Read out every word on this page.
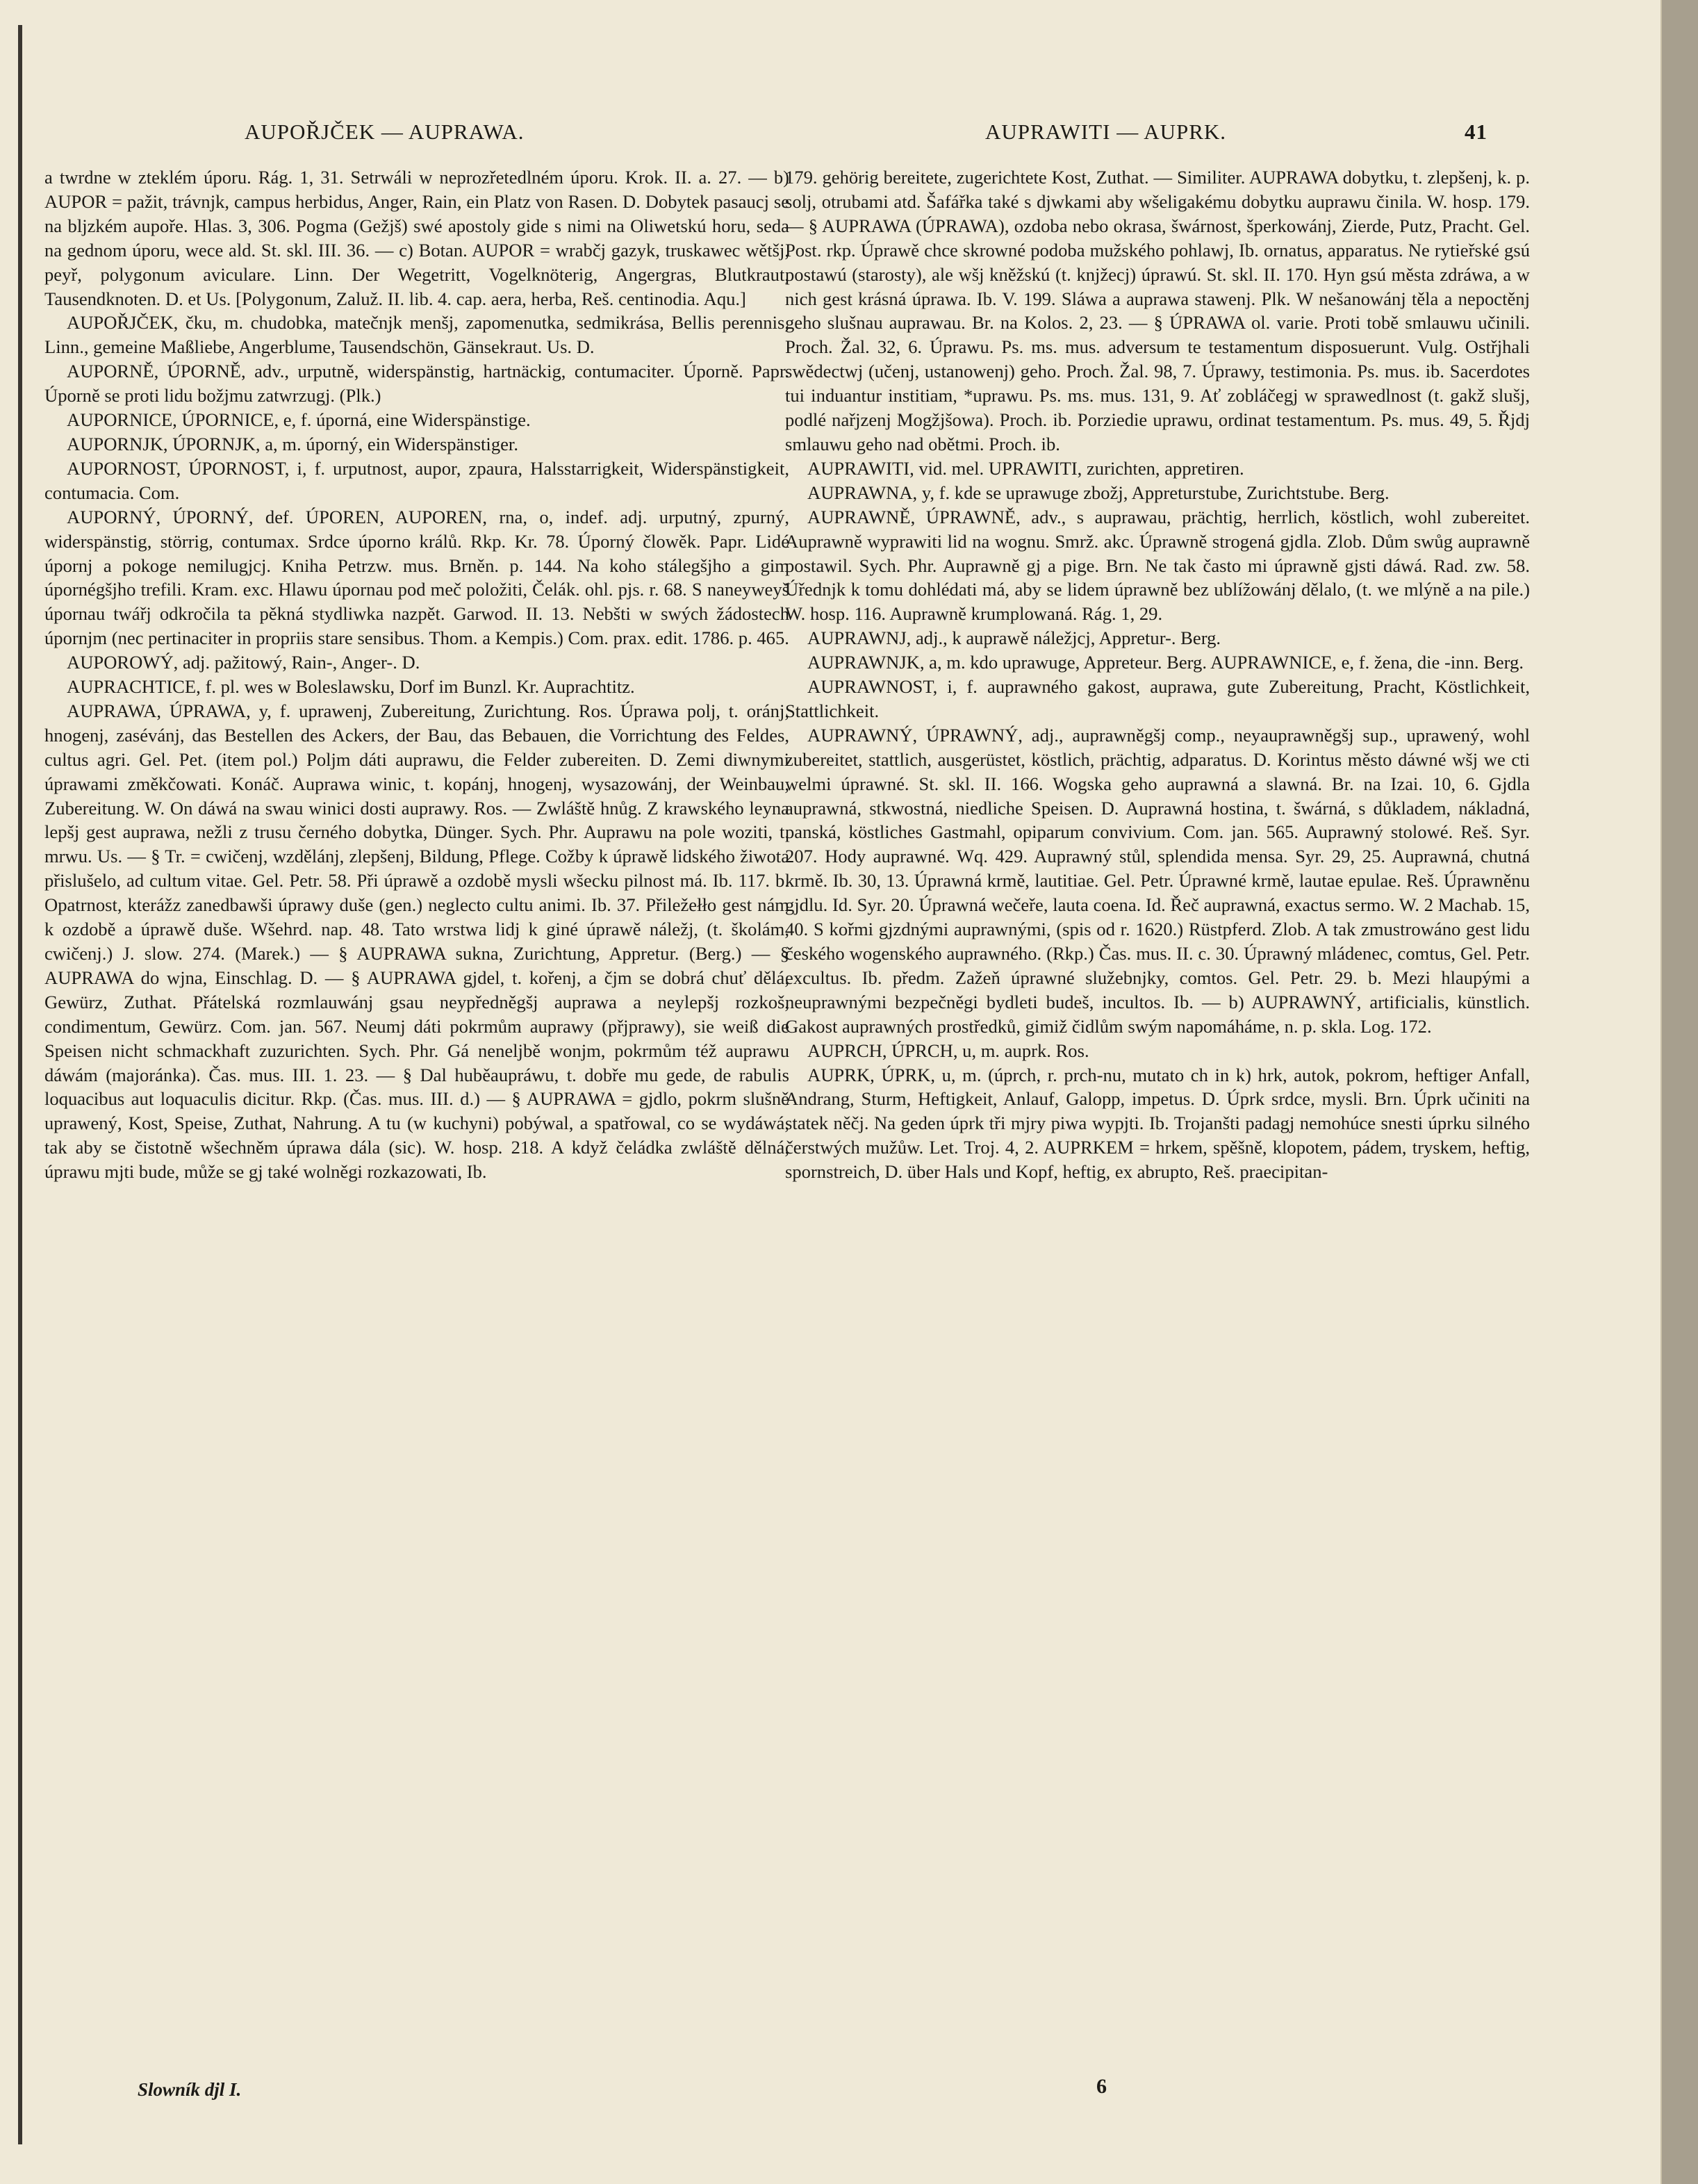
AUPOŘJČEK — AUPRAWA.	AUPRAWITI — AUPRK.	41

a twrdne w zteklém úporu. Rág. 1, 31. Setrwáli w neprozřetedlném úporu. Krok. II. a. 27. — b) AUPOR = pažit, trávnjk, campus herbidus, Anger, Rain, ein Platz von Rasen. D. Dobytek pasaucj se na bljzkém aupoře. Hlas. 3, 306. Pogma (Gežjš) swé apostoly gide s nimi na Oliwetskú horu, seda na gednom úporu, wece ald. St. skl. III. 36. — c) Botan. AUPOR = wrabčj gazyk, truskawec wětšj, peyř, polygonum aviculare. Linn. Der Wegetritt, Vogelknöterig, Angergras, Blutkraut, Tausendknoten. D. et Us. [Polygonum, Zaluž. II. lib. 4. cap. aera, herba, Reš. centinodia. Aqu.]

AUPOŘJČEK, čku, m. chudobka, matečnjk menšj, zapomenutka, sedmikrása, Bellis perennis, Linn., gemeine Maßliebe, Angerblume, Tausendschön, Gänsekraut. Us. D.

AUPORNĚ, ÚPORNĚ, adv., urputně, widerspänstig, hartnäckig, contumaciter. Úporně. Papr. Úporně se proti lidu božjmu zatwrzugj. (Plk.)

AUPORNICE, ÚPORNICE, e, f. úporná, eine Widerspänstige.

AUPORNJK, ÚPORNJK, a, m. úporný, ein Widerspänstiger.

AUPORNOST, ÚPORNOST, i, f. urputnost, aupor, zpaura, Halsstarrigkeit, Widerspänstigkeit, contumacia. Com.

AUPORNÝ, ÚPORNÝ, def. ÚPOREN, AUPOREN, rna, o, indef. adj. urputný, zpurný, widerspänstig, störrig, contumax. Srdce úporno králů. Rkp. Kr. 78. Úporný člowěk. Papr. Lidé úpornj a pokoge nemilugjcj. Kniha Petrzw. mus. Brněn. p. 144. Na koho stálegšjho a gim úpornégšjho trefili. Kram. exc. Hlawu úpornau pod meč položiti, Čelák. ohl. pjs. r. 68. S naneyweyš úpornau twářj odkročila ta pěkná stydliwka nazpět. Garwod. II. 13. Nebšti w swých žádostech úpornjm (nec pertinaciter in propriis stare sensibus. Thom. a Kempis.) Com. prax. edit. 1786. p. 465.

AUPOROWÝ, adj. pažitowý, Rain-, Anger-. D.

AUPRACHTICE, f. pl. wes w Boleslawsku, Dorf im Bunzl. Kr. Auprachtitz.

AUPRAWA, ÚPRAWA, y, f. uprawenj, Zubereitung, Zurichtung. Ros. Úprawa polj, t. oránj, hnogenj, zasévánj, das Bestellen des Ackers, der Bau, das Bebauen, die Vorrichtung des Feldes, cultus agri. Gel. Pet. (item pol.) Poljm dáti auprawu, die Felder zubereiten. D. Zemi diwnymi úprawami změkčowati. Konáč. Auprawa winic, t. kopánj, hnogenj, wysazowánj, der Weinbau, Zubereitung. W. On dáwá na swau winici dosti auprawy. Ros. — Zwláště hnůg. Z krawského leyna lepšj gest auprawa, nežli z trusu černého dobytka, Dünger. Sych. Phr. Auprawu na pole woziti, t. mrwu. Us. — § Tr. = cwičenj, wzdělánj, zlepšenj, Bildung, Pflege. Cožby k úprawě lidského žiwota přislušelo, ad cultum vitae. Gel. Petr. 58. Při úprawě a ozdobě mysli wšecku pilnost má. Ib. 117. b. Opatrnost, kterážz zanedbawši úprawy duše (gen.) neglecto cultu animi. Ib. 37. Přiležełło gest nám k ozdobě a úprawě duše. Wšehrd. nap. 48. Tato wrstwa lidj k giné úprawě náležj, (t. školám, cwičenj.) J. slow. 274. (Marek.) — § AUPRAWA sukna, Zurichtung, Appretur. (Berg.) — § AUPRAWA do wjna, Einschlag. D. — § AUPRAWA gjdel, t. kořenj, a čjm se dobrá chuť dělá, Gewürz, Zuthat. Přátelská rozmlauwánj gsau neypředněgšj auprawa a neylepšj rozkoš, condimentum, Gewürz. Com. jan. 567. Neumj dáti pokrmům auprawy (přjprawy), sie weiß die Speisen nicht schmackhaft zuzurichten. Sych. Phr. Gá neneljbě wonjm, pokrmům též auprawu dáwám (majoránka). Čas. mus. III. 1. 23. — § Dal huběaupráwu, t. dobře mu gede, de rabulis loquacibus aut loquaculis dicitur. Rkp. (Čas. mus. III. d.) — § AUPRAWA = gjdlo, pokrm slušně uprawený, Kost, Speise, Zuthat, Nahrung. A tu (w kuchyni) pobýwal, a spatřowal, co se wydáwá, tak aby se čistotně wšechněm úprawa dála (sic). W. hosp. 218. A když čeládka zwláště dělná, úprawu mjti bude, může se gj také wolněgi rozkazowati, Ib.

179. gehörig bereitete, zugerichtete Kost, Zuthat. — Similiter. AUPRAWA dobytku, t. zlepšenj, k. p. solj, otrubami atd. Šafářka také s djwkami aby wšeligakému dobytku auprawu činila. W. hosp. 179. — § AUPRAWA (ÚPRAWA), ozdoba nebo okrasa, šwárnost, šperkowánj, Zierde, Putz, Pracht. Gel. Post. rkp. Úprawě chce skrowné podoba mužského pohlawj, Ib. ornatus, apparatus. Ne rytieřské gsú postawú (starosty), ale wšj kněžskú (t. knjžecj) úprawú. St. skl. II. 170. Hyn gsú města zdráwa, a w nich gest krásná úprawa. Ib. V. 199. Sláwa a auprawa stawenj. Plk. W nešanowánj těla a nepoctěnj geho slušnau auprawau. Br. na Kolos. 2, 23. — § ÚPRAWA ol. varie. Proti tobě smlauwu učinili. Proch. Žal. 32, 6. Úprawu. Ps. ms. mus. adversum te testamentum disposuerunt. Vulg. Ostřjhali swědectwj (učenj, ustanowenj) geho. Proch. Žal. 98, 7. Úprawy, testimonia. Ps. mus. ib. Sacerdotes tui induantur institiam, *uprawu. Ps. ms. mus. 131, 9. Ať zobláčegj w sprawedlnost (t. gakž slušj, podlé nařjzenj Mogžjšowa). Proch. ib. Porziedie uprawu, ordinat testamentum. Ps. mus. 49, 5. Řjdj smlauwu geho nad obětmi. Proch. ib.

AUPRAWITI, vid. mel. UPRAWITI, zurichten, appretiren.

AUPRAWNA, y, f. kde se uprawuge zbožj, Appreturstube, Zurichtstube. Berg.

AUPRAWNĚ, ÚPRAWNĚ, adv., s auprawau, prächtig, herrlich, köstlich, wohl zubereitet. Auprawně wyprawiti lid na wognu. Smrž. akc. Úprawně strogená gjdla. Zlob. Dům swůg auprawně postawil. Sych. Phr. Auprawně gj a pige. Brn. Ne tak často mi úprawně gjsti dáwá. Rad. zw. 58. Úřednjk k tomu dohlédati má, aby se lidem úprawně bez ublížowánj dělalo, (t. we mlýně a na pile.) W. hosp. 116. Auprawně krumplowaná. Rág. 1, 29.

AUPRAWNJ, adj., k auprawě náležjcj, Appretur-. Berg.

AUPRAWNJK, a, m. kdo uprawuge, Appreteur. Berg. AUPRAWNICE, e, f. žena, die -inn. Berg.

AUPRAWNOST, i, f. auprawného gakost, auprawa, gute Zubereitung, Pracht, Köstlichkeit, Stattlichkeit.

AUPRAWNÝ, ÚPRAWNÝ, adj., auprawněgšj comp., neyauprawněgšj sup., uprawený, wohl zubereitet, stattlich, ausgerüstet, köstlich, prächtig, adparatus. D. Korintus město dáwné wšj we cti welmi úprawné. St. skl. II. 166. Wogska geho auprawná a slawná. Br. na Izai. 10, 6. Gjdla auprawná, stkwostná, niedliche Speisen. D. Auprawná hostina, t. šwárná, s důkladem, nákladná, panská, köstliches Gastmahl, opiparum convivium. Com. jan. 565. Auprawný stolowé. Reš. Syr. 207. Hody auprawné. Wq. 429. Auprawný stůl, splendida mensa. Syr. 29, 25. Auprawná, chutná krmě. Ib. 30, 13. Úprawná krmě, lautitiae. Gel. Petr. Úprawné krmě, lautae epulae. Reš. Úprawněnu gjdlu. Id. Syr. 20. Úprawná wečeře, lauta coena. Id. Řeč auprawná, exactus sermo. W. 2 Machab. 15, 40. S kořmi gjzdnými auprawnými, (spis od r. 1620.) Rüstpferd. Zlob. A tak zmustrowáno gest lidu českého wogenského auprawného. (Rkp.) Čas. mus. II. c. 30. Úprawný mládenec, comtus, Gel. Petr. excultus. Ib. předm. Zažeň úprawné služebnjky, comtos. Gel. Petr. 29. b. Mezi hlaupými a neuprawnými bezpečněgi bydleti budeš, incultos. Ib. — b) AUPRAWNÝ, artificialis, künstlich. Gakost auprawných prostředků, gimiž čidlům swým napomáháme, n. p. skla. Log. 172.

AUPRCH, ÚPRCH, u, m. auprk. Ros.

AUPRK, ÚPRK, u, m. (úprch, r. prch-nu, mutato ch in k) hrk, autok, pokrom, heftiger Anfall, Andrang, Sturm, Heftigkeit, Anlauf, Galopp, impetus. D. Úprk srdce, mysli. Brn. Úprk učiniti na statek něčj. Na geden úprk tři mjry piwa wypjti. Ib. Trojanšti padagj nemohúce snesti úprku silného čerstwých mužůw. Let. Troj. 4, 2. AUPRKEM = hrkem, spěšně, klopotem, pádem, tryskem, heftig, spornstreich, D. über Hals und Kopf, heftig, ex abrupto, Reš. praecipitan-

Slowník djl I.	6
